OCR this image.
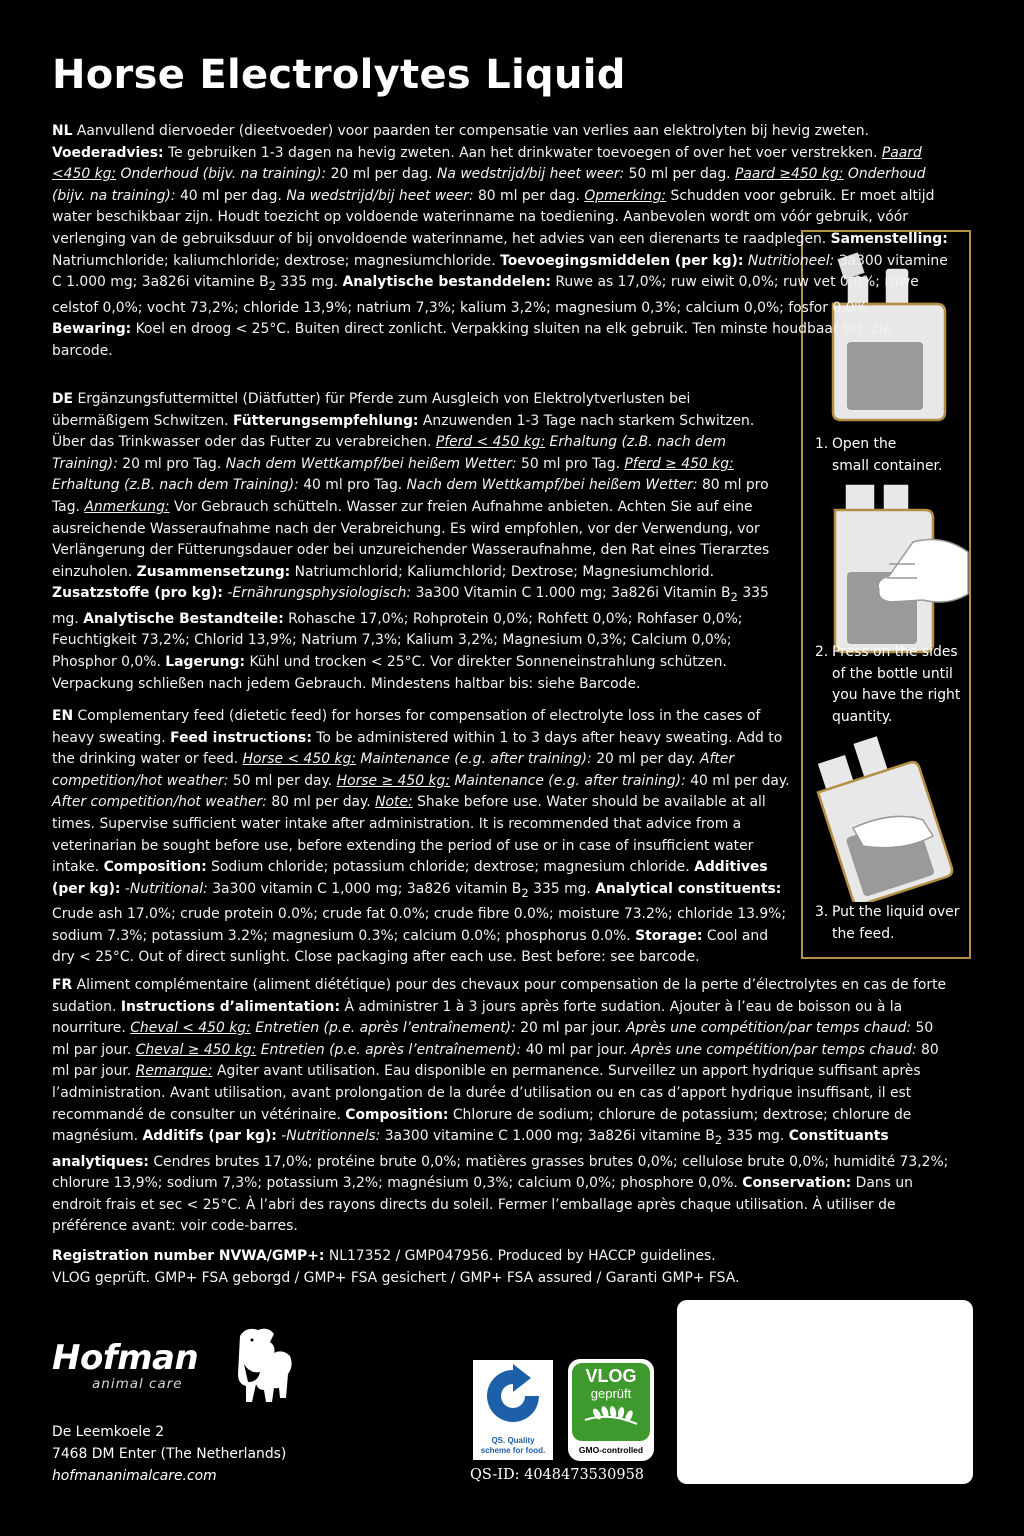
Horse Electrolytes Liquid
1. Open the
small container.
2. Press on the sides
of the bottle until
you have the right
quantity.
3. Put the liquid over
the feed.

NL Aanvullend diervoeder (dieetvoeder) voor paarden ter compensatie van verlies aan elektrolyten bij hevig zweten. Voederadvies: Te gebruiken 1-3 dagen na hevig zweten. Aan het drinkwater toevoegen of over het voer verstrekken. Paard <450 kg: Onderhoud (bijv. na training): 20 ml per dag. Na wedstrijd/bij heet weer: 50 ml per dag. Paard ≥450 kg: Onderhoud (bijv. na training): 40 ml per dag. Na wedstrijd/bij heet weer: 80 ml per dag. Opmerking: Schudden voor gebruik. Er moet altijd water beschikbaar zijn. Houdt toezicht op voldoende waterinname na toediening. Aanbevolen wordt om vóór gebruik, vóór verlenging van de gebruiksduur of bij onvoldoende waterinname, het advies van een dierenarts te raadplegen. Samenstelling: Natriumchloride; kaliumchloride; dextrose; magnesiumchloride. Toevoegingsmiddelen (per kg): Nutritioneel: 3a300 vitamine C 1.000 mg; 3a826i vitamine $B_2$ 335 mg. Analytische bestanddelen: Ruwe as 17,0%; ruw eiwit 0,0%; ruw vet 0,0%; ruwe celstof 0,0%; vocht 73,2%; chloride 13,9%; natrium 7,3%; kalium 3,2%; magnesium 0,3%; calcium 0,0%; fosfor 0,0%. Bewaring: Koel en droog < 25°C. Buiten direct zonlicht. Verpakking sluiten na elk gebruik. Ten minste houdbaar tot: zie barcode.

DE Ergänzungsfuttermittel (Diätfutter) für Pferde zum Ausgleich von Elektrolytverlusten bei übermäßigem Schwitzen. Fütterungsempfehlung: Anzuwenden 1-3 Tage nach starkem Schwitzen. Über das Trinkwasser oder das Futter zu verabreichen. Pferd < 450 kg: Erhaltung (z.B. nach dem Training): 20 ml pro Tag. Nach dem Wettkampf/bei heißem Wetter: 50 ml pro Tag. Pferd ≥ 450 kg: Erhaltung (z.B. nach dem Training): 40 ml pro Tag. Nach dem Wettkampf/bei heißem Wetter: 80 ml pro Tag. Anmerkung: Vor Gebrauch schütteln. Wasser zur freien Aufnahme anbieten. Achten Sie auf eine ausreichende Wasseraufnahme nach der Verabreichung. Es wird empfohlen, vor der Verwendung, vor Verlängerung der Fütterungsdauer oder bei unzureichender Wasseraufnahme, den Rat eines Tierarztes einzuholen. Zusammensetzung: Natriumchlorid; Kaliumchlorid; Dextrose; Magnesiumchlorid. Zusatzstoffe (pro kg): -Ernährungsphysiologisch: 3a300 Vitamin C 1.000 mg; 3a826i Vitamin $B_2$ 335 mg. Analytische Bestandteile: Rohasche 17,0%; Rohprotein 0,0%; Rohfett 0,0%; Rohfaser 0,0%; Feuchtigkeit 73,2%; Chlorid 13,9%; Natrium 7,3%; Kalium 3,2%; Magnesium 0,3%; Calcium 0,0%; Phosphor 0,0%. Lagerung: Kühl und trocken < 25°C. Vor direkter Sonneneinstrahlung schützen. Verpackung schließen nach jedem Gebrauch. Mindestens haltbar bis: siehe Barcode.

EN Complementary feed (dietetic feed) for horses for compensation of electrolyte loss in the cases of heavy sweating. Feed instructions: To be administered within 1 to 3 days after heavy sweating. Add to the drinking water or feed. Horse < 450 kg: Maintenance (e.g. after training): 20 ml per day. After competition/hot weather: 50 ml per day. Horse ≥ 450 kg: Maintenance (e.g. after training): 40 ml per day. After competition/hot weather: 80 ml per day. Note: Shake before use. Water should be available at all times. Supervise sufficient water intake after administration. It is recommended that advice from a veterinarian be sought before use, before extending the period of use or in case of insufficient water intake. Composition: Sodium chloride; potassium chloride; dextrose; magnesium chloride. Additives (per kg): -Nutritional: 3a300 vitamin C 1,000 mg; 3a826 vitamin $B_2$ 335 mg. Analytical constituents: Crude ash 17.0%; crude protein 0.0%; crude fat 0.0%; crude fibre 0.0%; moisture 73.2%; chloride 13.9%; sodium 7.3%; potassium 3.2%; magnesium 0.3%; calcium 0.0%; phosphorus 0.0%. Storage: Cool and dry < 25°C. Out of direct sunlight. Close packaging after each use. Best before: see barcode.

FR Aliment complémentaire (aliment diététique) pour des chevaux pour compensation de la perte d’électrolytes en cas de forte sudation. Instructions d’alimentation: À administrer 1 à 3 jours après forte sudation. Ajouter à l’eau de boisson ou à la nourriture. Cheval < 450 kg: Entretien (p.e. après l’entraînement): 20 ml par jour. Après une compétition/par temps chaud: 50 ml par jour. Cheval ≥ 450 kg: Entretien (p.e. après l’entraînement): 40 ml par jour. Après une compétition/par temps chaud: 80 ml par jour. Remarque: Agiter avant utilisation. Eau disponible en permanence. Surveillez un apport hydrique suffisant après l’administration. Avant utilisation, avant prolongation de la durée d’utilisation ou en cas d’apport hydrique insuffisant, il est recommandé de consulter un vétérinaire. Composition: Chlorure de sodium; chlorure de potassium; dextrose; chlorure de magnésium. Additifs (par kg): -Nutritionnels: 3a300 vitamine C 1.000 mg; 3a826i vitamine $B_2$ 335 mg. Constituants analytiques: Cendres brutes 17,0%; protéine brute 0,0%; matières grasses brutes 0,0%; cellulose brute 0,0%; humidité 73,2%; chlorure 13,9%; sodium 7,3%; potassium 3,2%; magnésium 0,3%; calcium 0,0%; phosphore 0,0%. Conservation: Dans un endroit frais et sec < 25°C. À l’abri des rayons directs du soleil. Fermer l’emballage après chaque utilisation. À utiliser de préférence avant: voir code-barres.

Registration number NVWA/GMP+: NL17352 / GMP047956. Produced by HACCP guidelines.
VLOG geprüft. GMP+ FSA geborgd / GMP+ FSA gesichert / GMP+ FSA assured / Garanti GMP+ FSA.

Hofman
animal care

De Leemkoele 2

7468 DM Enter (The Netherlands)

hofmananimalcare.com

QS. Quality
scheme for food.
VLOG
geprüft
GMO-controlled
QS-ID: 4048473530958
